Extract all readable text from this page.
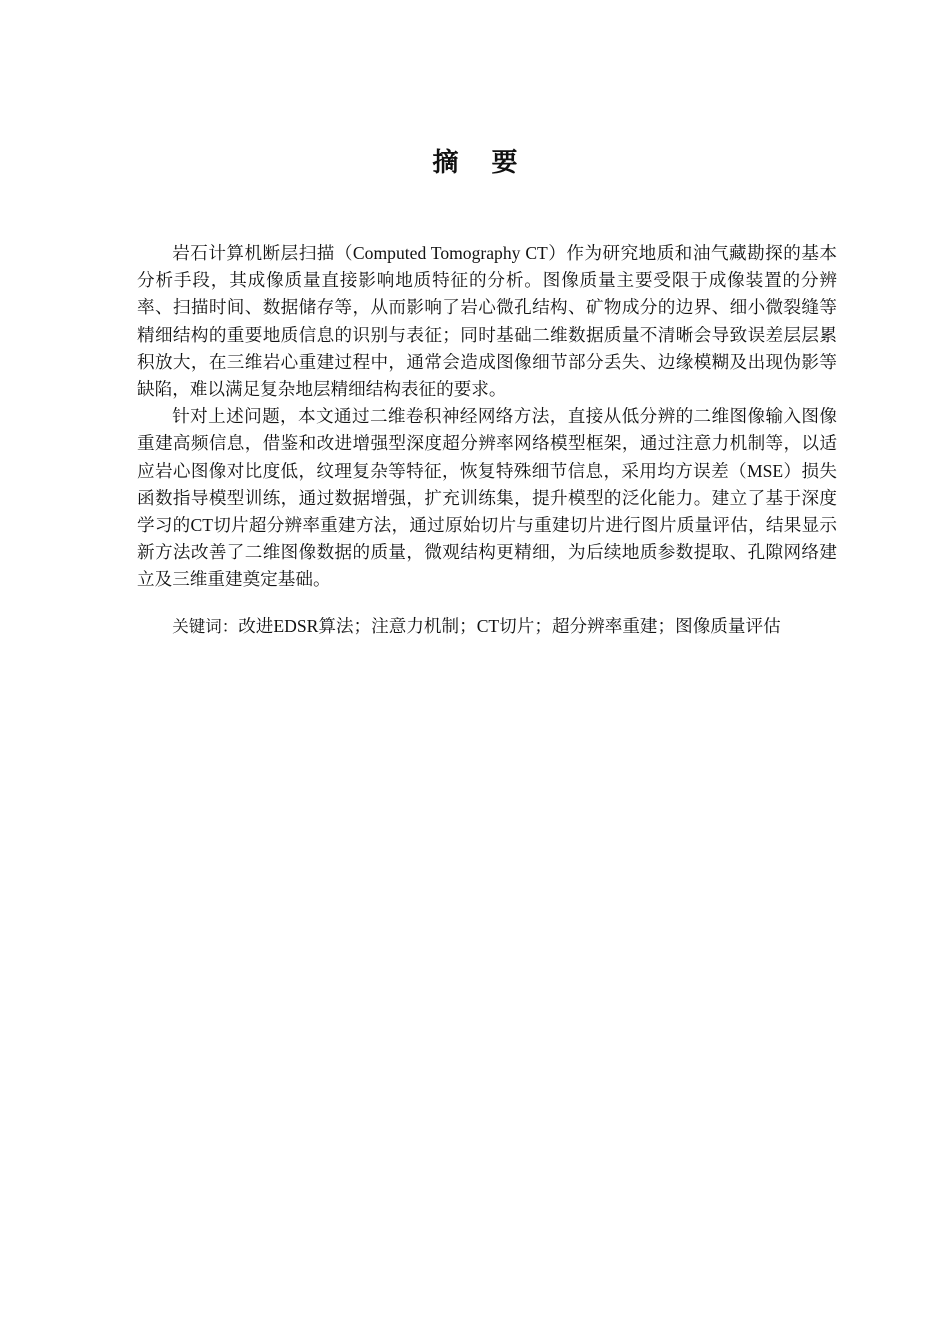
摘 要

岩石计算机断层扫描（Computed Tomography CT）作为研究地质和油气藏勘探的基本分析手段，其成像质量直接影响地质特征的分析。图像质量主要受限于成像装置的分辨率、扫描时间、数据储存等，从而影响了岩心微孔结构、矿物成分的边界、细小微裂缝等精细结构的重要地质信息的识别与表征；同时基础二维数据质量不清晰会导致误差层层累积放大，在三维岩心重建过程中，通常会造成图像细节部分丢失、边缘模糊及出现伪影等缺陷，难以满足复杂地层精细结构表征的要求。

针对上述问题，本文通过二维卷积神经网络方法，直接从低分辨的二维图像输入图像重建高频信息，借鉴和改进增强型深度超分辨率网络模型框架，通过注意力机制等，以适应岩心图像对比度低，纹理复杂等特征，恢复特殊细节信息，采用均方误差（MSE）损失函数指导模型训练，通过数据增强，扩充训练集，提升模型的泛化能力。建立了基于深度学习的CT切片超分辨率重建方法，通过原始切片与重建切片进行图片质量评估，结果显示新方法改善了二维图像数据的质量，微观结构更精细，为后续地质参数提取、孔隙网络建立及三维重建奠定基础。

关键词：改进EDSR算法；注意力机制；CT切片；超分辨率重建；图像质量评估
